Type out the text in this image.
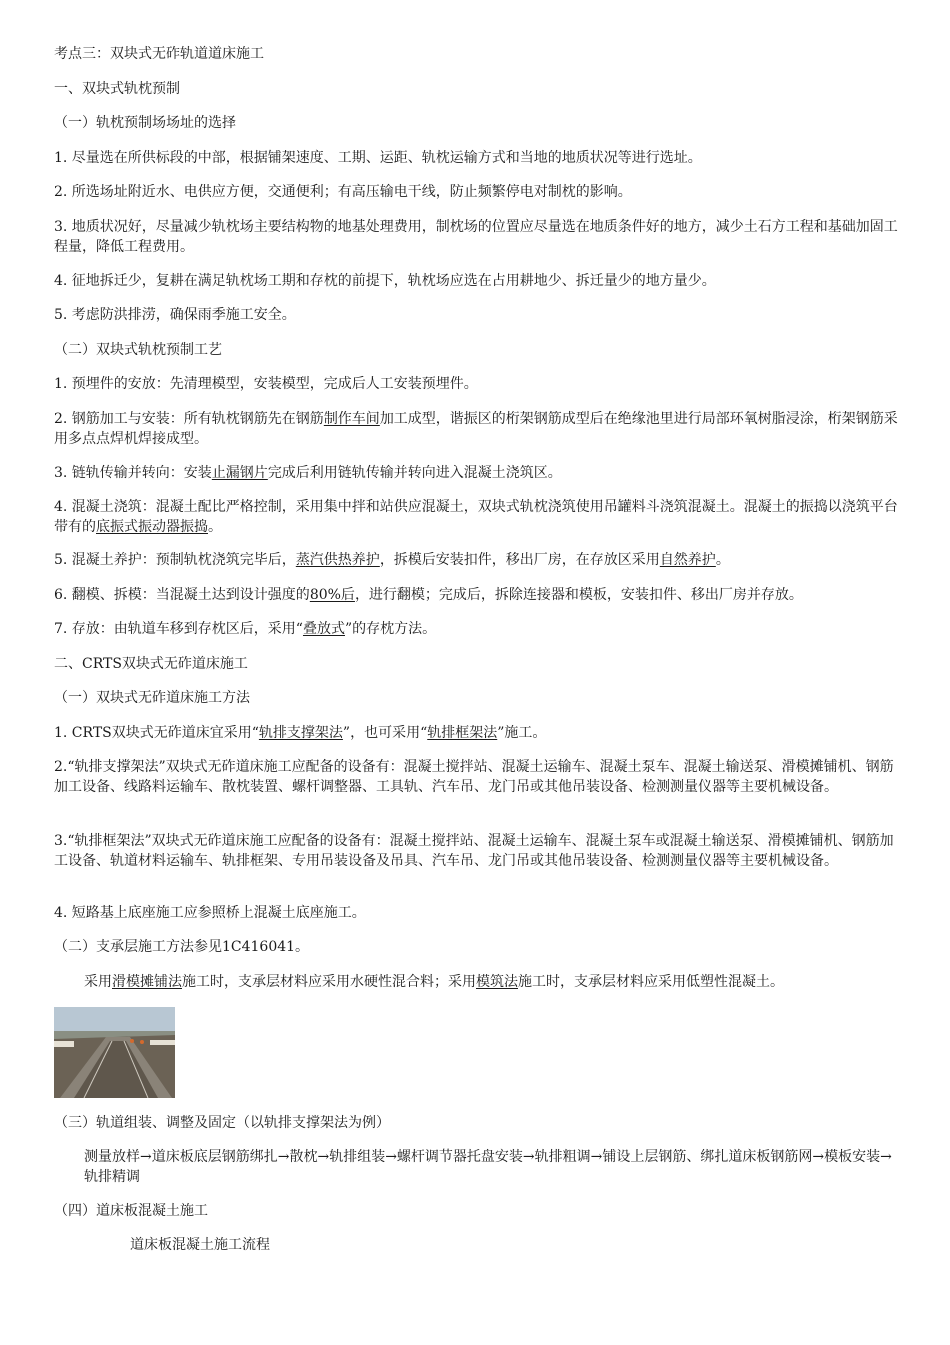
考点三：双块式无砟轨道道床施工

一、双块式轨枕预制

（一）轨枕预制场场址的选择

1. 尽量选在所供标段的中部，根据铺架速度、工期、运距、轨枕运输方式和当地的地质状况等进行选址。

2. 所选场址附近水、电供应方便，交通便利；有高压输电干线，防止频繁停电对制枕的影响。

3. 地质状况好，尽量减少轨枕场主要结构物的地基处理费用，制枕场的位置应尽量选在地质条件好的地方，减少土石方工程和基础加固工程量，降低工程费用。

4. 征地拆迁少，复耕在满足轨枕场工期和存枕的前提下，轨枕场应选在占用耕地少、拆迁量少的地方量少。

5. 考虑防洪排涝，确保雨季施工安全。

（二）双块式轨枕预制工艺

1. 预埋件的安放：先清理模型，安装模型，完成后人工安装预埋件。

2. 钢筋加工与安装：所有轨枕钢筋先在钢筋制作车间加工成型，谐振区的桁架钢筋成型后在绝缘池里进行局部环氧树脂浸涂，桁架钢筋采用多点点焊机焊接成型。

3. 链轨传输并转向：安装止漏钢片完成后利用链轨传输并转向进入混凝土浇筑区。

4. 混凝土浇筑：混凝土配比严格控制，采用集中拌和站供应混凝土，双块式轨枕浇筑使用吊罐料斗浇筑混凝土。混凝土的振捣以浇筑平台带有的底振式振动器振捣。

5. 混凝土养护：预制轨枕浇筑完毕后，蒸汽供热养护，拆模后安装扣件，移出厂房，在存放区采用自然养护。

6. 翻模、拆模：当混凝土达到设计强度的80%后，进行翻模；完成后，拆除连接器和模板，安装扣件、移出厂房并存放。

7. 存放：由轨道车移到存枕区后，采用“叠放式”的存枕方法。

二、CRTS双块式无砟道床施工

（一）双块式无砟道床施工方法

1. CRTS双块式无砟道床宜采用“轨排支撑架法”，也可采用“轨排框架法”施工。

2.“轨排支撑架法”双块式无砟道床施工应配备的设备有：混凝土搅拌站、混凝土运输车、混凝土泵车、混凝土输送泵、滑模摊铺机、钢筋加工设备、线路料运输车、散枕装置、螺杆调整器、工具轨、汽车吊、龙门吊或其他吊装设备、检测测量仪器等主要机械设备。

3.“轨排框架法”双块式无砟道床施工应配备的设备有：混凝土搅拌站、混凝土运输车、混凝土泵车或混凝土输送泵、滑模摊铺机、钢筋加工设备、轨道材料运输车、轨排框架、专用吊装设备及吊具、汽车吊、龙门吊或其他吊装设备、检测测量仪器等主要机械设备。

4. 短路基上底座施工应参照桥上混凝土底座施工。

（二）支承层施工方法参见1C416041。

采用滑模摊铺法施工时，支承层材料应采用水硬性混合料；采用模筑法施工时，支承层材料应采用低塑性混凝土。

（三）轨道组装、调整及固定（以轨排支撑架法为例）

测量放样→道床板底层钢筋绑扎→散枕→轨排组装→螺杆调节器托盘安装→轨排粗调→铺设上层钢筋、绑扎道床板钢筋网→模板安装→轨排精调

（四）道床板混凝土施工

道床板混凝土施工流程
